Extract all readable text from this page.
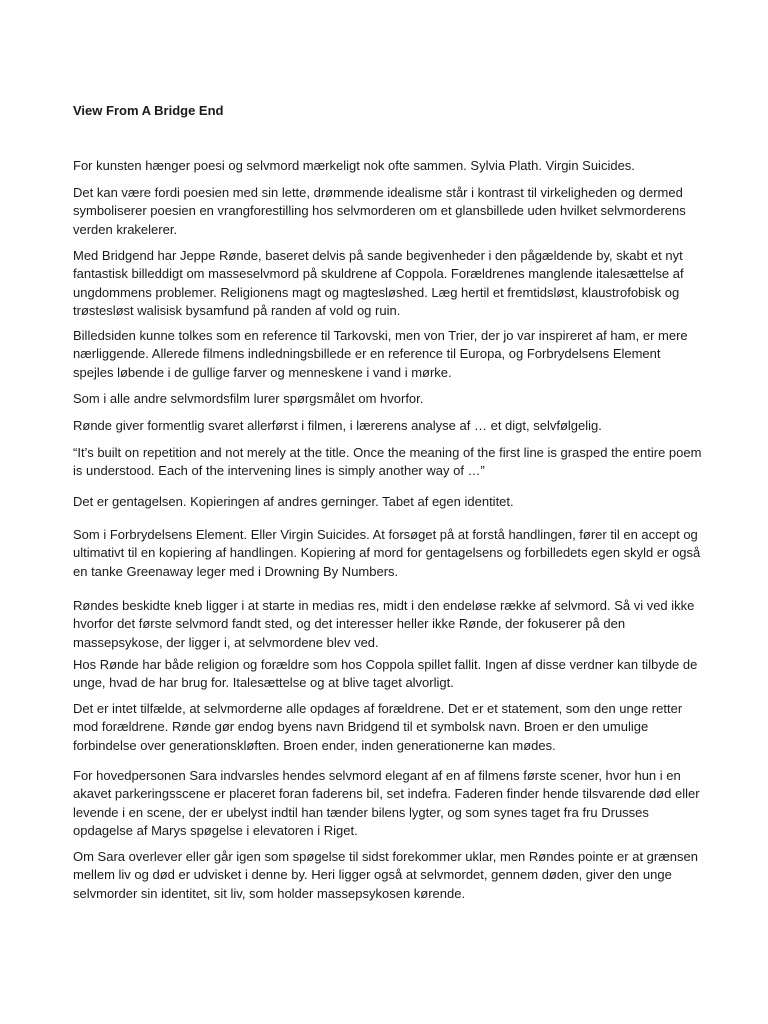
View From A Bridge End

For kunsten hænger poesi og selvmord mærkeligt nok ofte sammen. Sylvia Plath. Virgin Suicides.

Det kan være fordi poesien med sin lette, drømmende idealisme står i kontrast til virkeligheden og dermed symboliserer poesien en vrangforestilling hos selvmorderen om et glansbillede uden hvilket selvmorderens verden krakelerer.

Med Bridgend har Jeppe Rønde, baseret delvis på sande begivenheder i den pågældende by, skabt et nyt fantastisk billeddigt om masseselvmord på skuldrene af Coppola. Forældrenes manglende italesættelse af ungdommens problemer. Religionens magt og magtesløshed. Læg hertil et fremtidsløst, klaustrofobisk og trøstesløst walisisk bysamfund på randen af vold og ruin.

Billedsiden kunne tolkes som en reference til Tarkovski, men von Trier, der jo var inspireret af ham, er mere nærliggende. Allerede filmens indledningsbillede er en reference til Europa, og Forbrydelsens Element spejles løbende i de gullige farver og menneskene i vand i mørke.

Som i alle andre selvmordsfilm lurer spørgsmålet om hvorfor.

Rønde giver formentlig svaret allerførst i filmen, i lærerens analyse af … et digt, selvfølgelig.

“It’s built on repetition and not merely at the title. Once the meaning of the first line is grasped the entire poem is understood. Each of the intervening lines is simply another way of …”

Det er gentagelsen. Kopieringen af andres gerninger. Tabet af egen identitet.

Som i Forbrydelsens Element. Eller Virgin Suicides. At forsøget på at forstå handlingen, fører til en accept og ultimativt til en kopiering af handlingen. Kopiering af mord for gentagelsens og forbilledets egen skyld er også en tanke Greenaway leger med i Drowning By Numbers.

Røndes beskidte kneb ligger i at starte in medias res, midt i den endeløse række af selvmord. Så vi ved ikke hvorfor det første selvmord fandt sted, og det interesser heller ikke Rønde, der fokuserer på den massepsykose, der ligger i, at selvmordene blev ved.

Hos Rønde har både religion og forældre som hos Coppola spillet fallit. Ingen af disse verdner kan tilbyde de unge, hvad de har brug for. Italesættelse og at blive taget alvorligt.

Det er intet tilfælde, at selvmorderne alle opdages af forældrene. Det er et statement, som den unge retter mod forældrene. Rønde gør endog byens navn Bridgend til et symbolsk navn. Broen er den umulige forbindelse over generationskløften. Broen ender, inden generationerne kan mødes.

For hovedpersonen Sara indvarsles hendes selvmord elegant af en af filmens første scener, hvor hun i en akavet parkeringsscene er placeret foran faderens bil, set indefra. Faderen finder hende tilsvarende død eller levende i en scene, der er ubelyst indtil han tænder bilens lygter, og som synes taget fra fru Drusses opdagelse af Marys spøgelse i elevatoren i Riget.

Om Sara overlever eller går igen som spøgelse til sidst forekommer uklar, men Røndes pointe er at grænsen mellem liv og død er udvisket i denne by. Heri ligger også at selvmordet, gennem døden, giver den unge selvmorder sin identitet, sit liv, som holder massepsykosen kørende.
